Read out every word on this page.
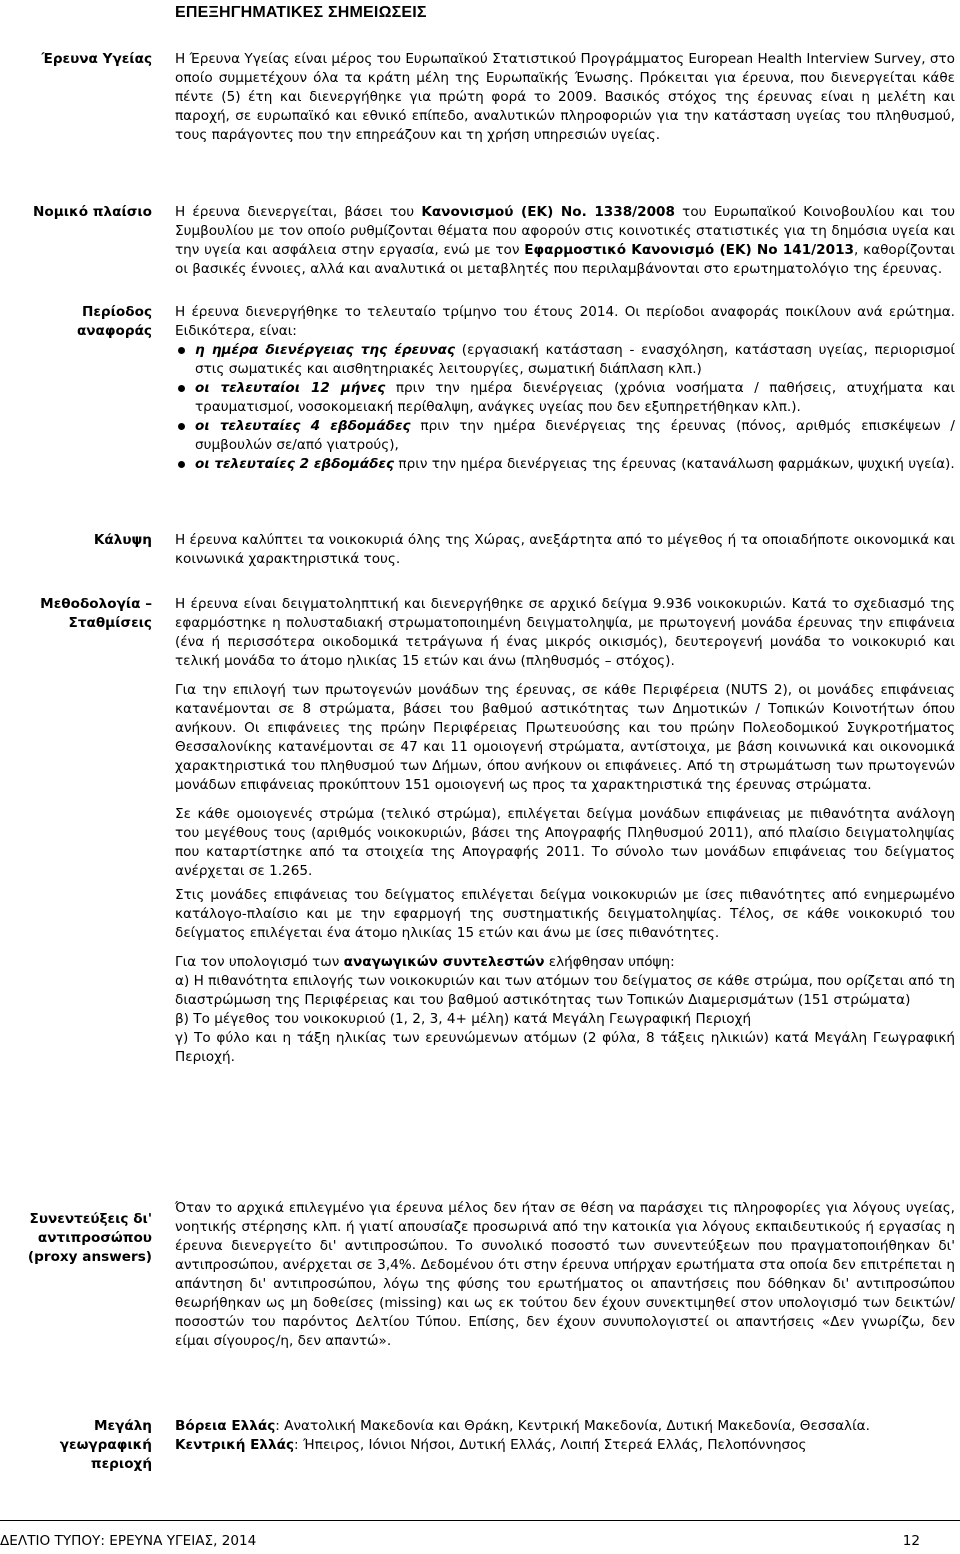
ΕΠΕΞΗΓΗΜΑΤΙΚΕΣ ΣΗΜΕΙΩΣΕΙΣ
Έρευνα Υγείας Η Έρευνα Υγείας είναι μέρος του Ευρωπαϊκού Στατιστικού Προγράμματος European Health Interview Survey, στο οποίο συμμετέχουν όλα τα κράτη μέλη της Ευρωπαϊκής Ένωσης. Πρόκειται για έρευνα, που διενεργείται κάθε πέντε (5) έτη και διενεργήθηκε για πρώτη φορά το 2009. Βασικός στόχος της έρευνας είναι η μελέτη και παροχή, σε ευρωπαϊκό και εθνικό επίπεδο, αναλυτικών πληροφοριών για την κατάσταση υγείας του πληθυσμού, τους παράγοντες που την επηρεάζουν και τη χρήση υπηρεσιών υγείας.

Νομικό πλαίσιο Η έρευνα διενεργείται, βάσει του Κανονισμού (ΕΚ) Νο. 1338/2008 του Ευρωπαϊκού Κοινοβουλίου και του Συμβουλίου με τον οποίο ρυθμίζονται θέματα που αφορούν στις κοινοτικές στατιστικές για τη δημόσια υγεία και την υγεία και ασφάλεια στην εργασία, ενώ με τον Εφαρμοστικό Κανονισμό (ΕΚ) Νο 141/2013, καθορίζονται οι βασικές έννοιες, αλλά και αναλυτικά οι μεταβλητές που περιλαμβάνονται στο ερωτηματολόγιο της έρευνας.

Περίοδος
αναφοράς

Η έρευνα διενεργήθηκε το τελευταίο τρίμηνο του έτους 2014. Οι περίοδοι αναφοράς ποικίλουν ανά ερώτημα. Ειδικότερα, είναι:

η ημέρα διενέργειας της έρευνας (εργασιακή κατάσταση - ενασχόληση, κατάσταση υγείας, περιορισμοί στις σωματικές και αισθητηριακές λειτουργίες, σωματική διάπλαση κλπ.)
οι τελευταίοι 12 μήνες πριν την ημέρα διενέργειας (χρόνια νοσήματα / παθήσεις, ατυχήματα και τραυματισμοί, νοσοκομειακή περίθαλψη, ανάγκες υγείας που δεν εξυπηρετήθηκαν κλπ.).
οι τελευταίες 4 εβδομάδες πριν την ημέρα διενέργειας της έρευνας (πόνος, αριθμός επισκέψεων / συμβουλών σε/από γιατρούς),
οι τελευταίες 2 εβδομάδες πριν την ημέρα διενέργειας της έρευνας (κατανάλωση φαρμάκων, ψυχική υγεία).
Κάλυψη Η έρευνα καλύπτει τα νοικοκυριά όλης της Χώρας, ανεξάρτητα από το μέγεθος ή τα οποιαδήποτε οικονομικά και κοινωνικά χαρακτηριστικά τους.

Μεθοδολογία –
Σταθμίσεις

Η έρευνα είναι δειγματοληπτική και διενεργήθηκε σε αρχικό δείγμα 9.936 νοικοκυριών. Κατά το σχεδιασμό της εφαρμόστηκε η πολυσταδιακή στρωματοποιημένη δειγματοληψία, με πρωτογενή μονάδα έρευνας την επιφάνεια (ένα ή περισσότερα οικοδομικά τετράγωνα ή ένας μικρός οικισμός), δευτερογενή μονάδα το νοικοκυριό και τελική μονάδα το άτομο ηλικίας 15 ετών και άνω (πληθυσμός – στόχος).

Για την επιλογή των πρωτογενών μονάδων της έρευνας, σε κάθε Περιφέρεια (NUTS 2), οι μονάδες επιφάνειας κατανέμονται σε 8 στρώματα, βάσει του βαθμού αστικότητας των Δημοτικών / Τοπικών Κοινοτήτων όπου ανήκουν. Οι επιφάνειες της πρώην Περιφέρειας Πρωτευούσης και του πρώην Πολεοδομικού Συγκροτήματος Θεσσαλονίκης κατανέμονται σε 47 και 11 ομοιογενή στρώματα, αντίστοιχα, με βάση κοινωνικά και οικονομικά χαρακτηριστικά του πληθυσμού των Δήμων, όπου ανήκουν οι επιφάνειες. Από τη στρωμάτωση των πρωτογενών μονάδων επιφάνειας προκύπτουν 151 ομοιογενή ως προς τα χαρακτηριστικά της έρευνας στρώματα.

Σε κάθε ομοιογενές στρώμα (τελικό στρώμα), επιλέγεται δείγμα μονάδων επιφάνειας με πιθανότητα ανάλογη του μεγέθους τους (αριθμός νοικοκυριών, βάσει της Απογραφής Πληθυσμού 2011), από πλαίσιο δειγματοληψίας που καταρτίστηκε από τα στοιχεία της Απογραφής 2011. Το σύνολο των μονάδων επιφάνειας του δείγματος ανέρχεται σε 1.265.

Στις μονάδες επιφάνειας του δείγματος επιλέγεται δείγμα νοικοκυριών με ίσες πιθανότητες από ενημερωμένο κατάλογο-πλαίσιο και με την εφαρμογή της συστηματικής δειγματοληψίας. Τέλος, σε κάθε νοικοκυριό του δείγματος επιλέγεται ένα άτομο ηλικίας 15 ετών και άνω με ίσες πιθανότητες.

Για τον υπολογισμό των αναγωγικών συντελεστών ελήφθησαν υπόψη:

α) Η πιθανότητα επιλογής των νοικοκυριών και των ατόμων του δείγματος σε κάθε στρώμα, που ορίζεται από τη διαστρώμωση της Περιφέρειας και του βαθμού αστικότητας των Τοπικών Διαμερισμάτων (151 στρώματα)

β) Το μέγεθος του νοικοκυριού (1, 2, 3, 4+ μέλη) κατά Μεγάλη Γεωγραφική Περιοχή

γ) Το φύλο και η τάξη ηλικίας των ερευνώμενων ατόμων (2 φύλα, 8 τάξεις ηλικιών) κατά Μεγάλη Γεωγραφική Περιοχή.

Συνεντεύξεις δι'
αντιπροσώπου
(proxy answers)

Όταν το αρχικά επιλεγμένο για έρευνα μέλος δεν ήταν σε θέση να παράσχει τις πληροφορίες για λόγους υγείας, νοητικής στέρησης κλπ. ή γιατί απουσίαζε προσωρινά από την κατοικία για λόγους εκπαιδευτικούς ή εργασίας η έρευνα διενεργείτο δι' αντιπροσώπου. Το συνολικό ποσοστό των συνεντεύξεων που πραγματοποιήθηκαν δι' αντιπροσώπου, ανέρχεται σε 3,4%. Δεδομένου ότι στην έρευνα υπήρχαν ερωτήματα στα οποία δεν επιτρέπεται η απάντηση δι' αντιπροσώπου, λόγω της φύσης του ερωτήματος οι απαντήσεις που δόθηκαν δι' αντιπροσώπου θεωρήθηκαν ως μη δοθείσες (missing) και ως εκ τούτου δεν έχουν συνεκτιμηθεί στον υπολογισμό των δεικτών/ποσοστών του παρόντος Δελτίου Τύπου. Επίσης, δεν έχουν συνυπολογιστεί οι απαντήσεις «Δεν γνωρίζω, δεν είμαι σίγουρος/η, δεν απαντώ».

Μεγάλη
γεωγραφική
περιοχή

Βόρεια Ελλάς: Ανατολική Μακεδονία και Θράκη, Κεντρική Μακεδονία, Δυτική Μακεδονία, Θεσσαλία.

Κεντρική Ελλάς: Ήπειρος, Ιόνιοι Νήσοι, Δυτική Ελλάς, Λοιπή Στερεά Ελλάς, Πελοπόννησος

ΔΕΛΤΙΟ ΤΥΠΟΥ: ΕΡΕΥΝΑ ΥΓΕΙΑΣ, 2014	12
